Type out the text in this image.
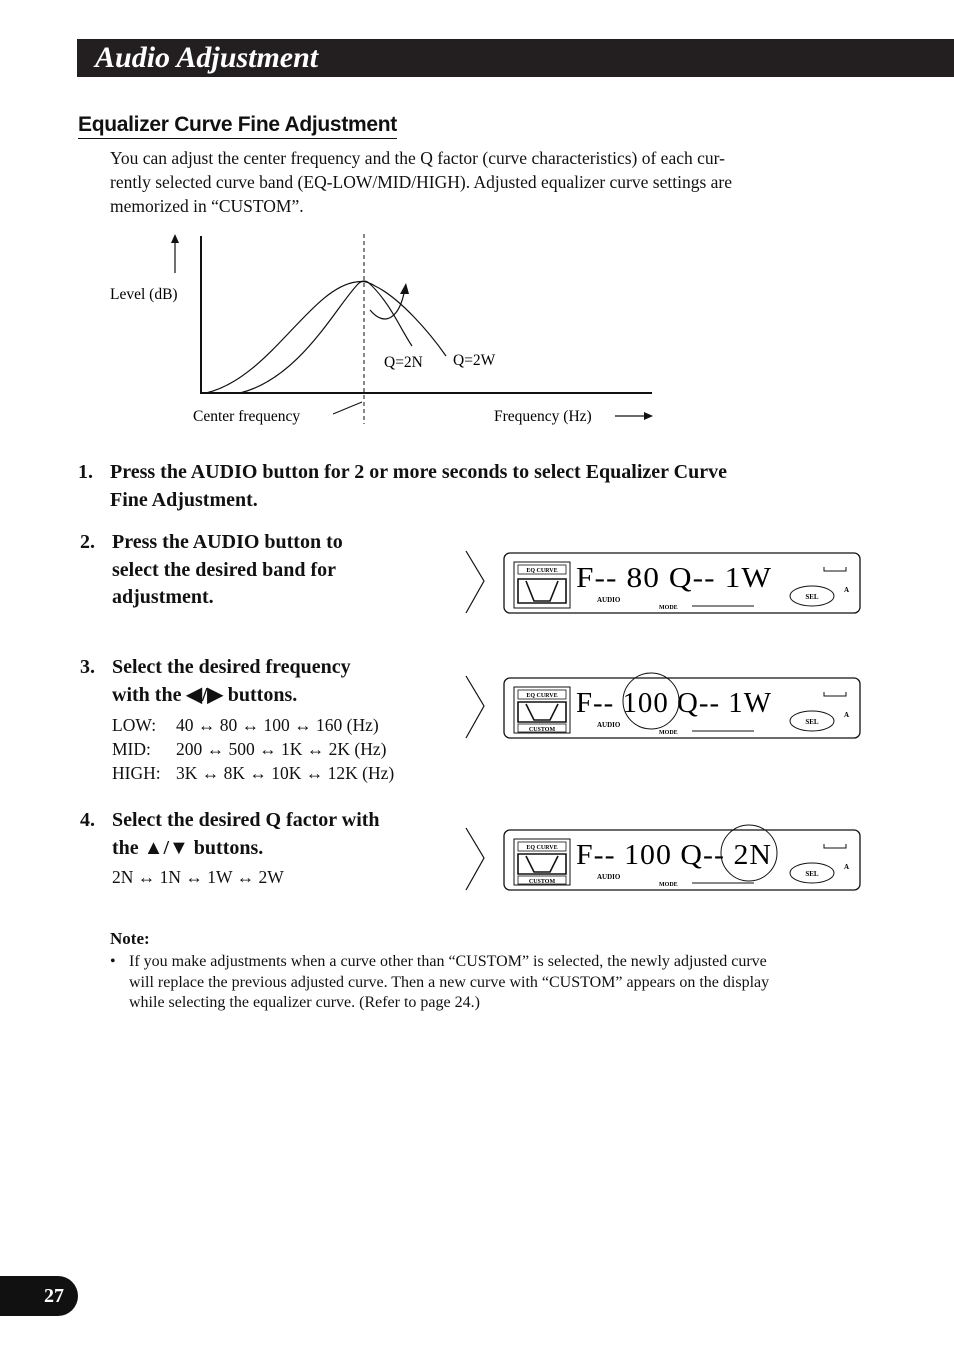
Audio Adjustment
Equalizer Curve Fine Adjustment
You can adjust the center frequency and the Q factor (curve characteristics) of each cur-
rently selected curve band (EQ-LOW/MID/HIGH). Adjusted equalizer curve settings are
memorized in “CUSTOM”.
Level (dB)
Center frequency	Frequency (Hz)
Q=2N Q=2W
1. Press the AUDIO button for 2 or more seconds to select Equalizer Curve
Fine Adjustment.
2. Press the AUDIO button to
select the desired band for
adjustment.
3. Select the desired frequency
with the ◀/▶ buttons.
LOW: 40 ↔ 80 ↔ 100 ↔ 160 (Hz)
MID: 200 ↔ 500 ↔ 1K ↔ 2K (Hz)
HIGH: 3K ↔ 8K ↔ 10K ↔ 12K (Hz)
4. Select the desired Q factor with
the ▲/▼ buttons.
2N ↔ 1N ↔ 1W ↔ 2W
EQ CURVE F-- 80 Q-- 1W
AUDIO
MODE
SEL
A
EQ CURVE
CUSTOM
F-- 100 Q-- 1W
AUDIO
MODE
SEL
A
EQ CURVE
CUSTOM
F-- 100 Q-- 2N
AUDIO
MODE
SEL
A
Note:
• If you make adjustments when a curve other than “CUSTOM” is selected, the newly adjusted curve
will replace the previous adjusted curve. Then a new curve with “CUSTOM” appears on the display
while selecting the equalizer curve. (Refer to page 24.)
27
